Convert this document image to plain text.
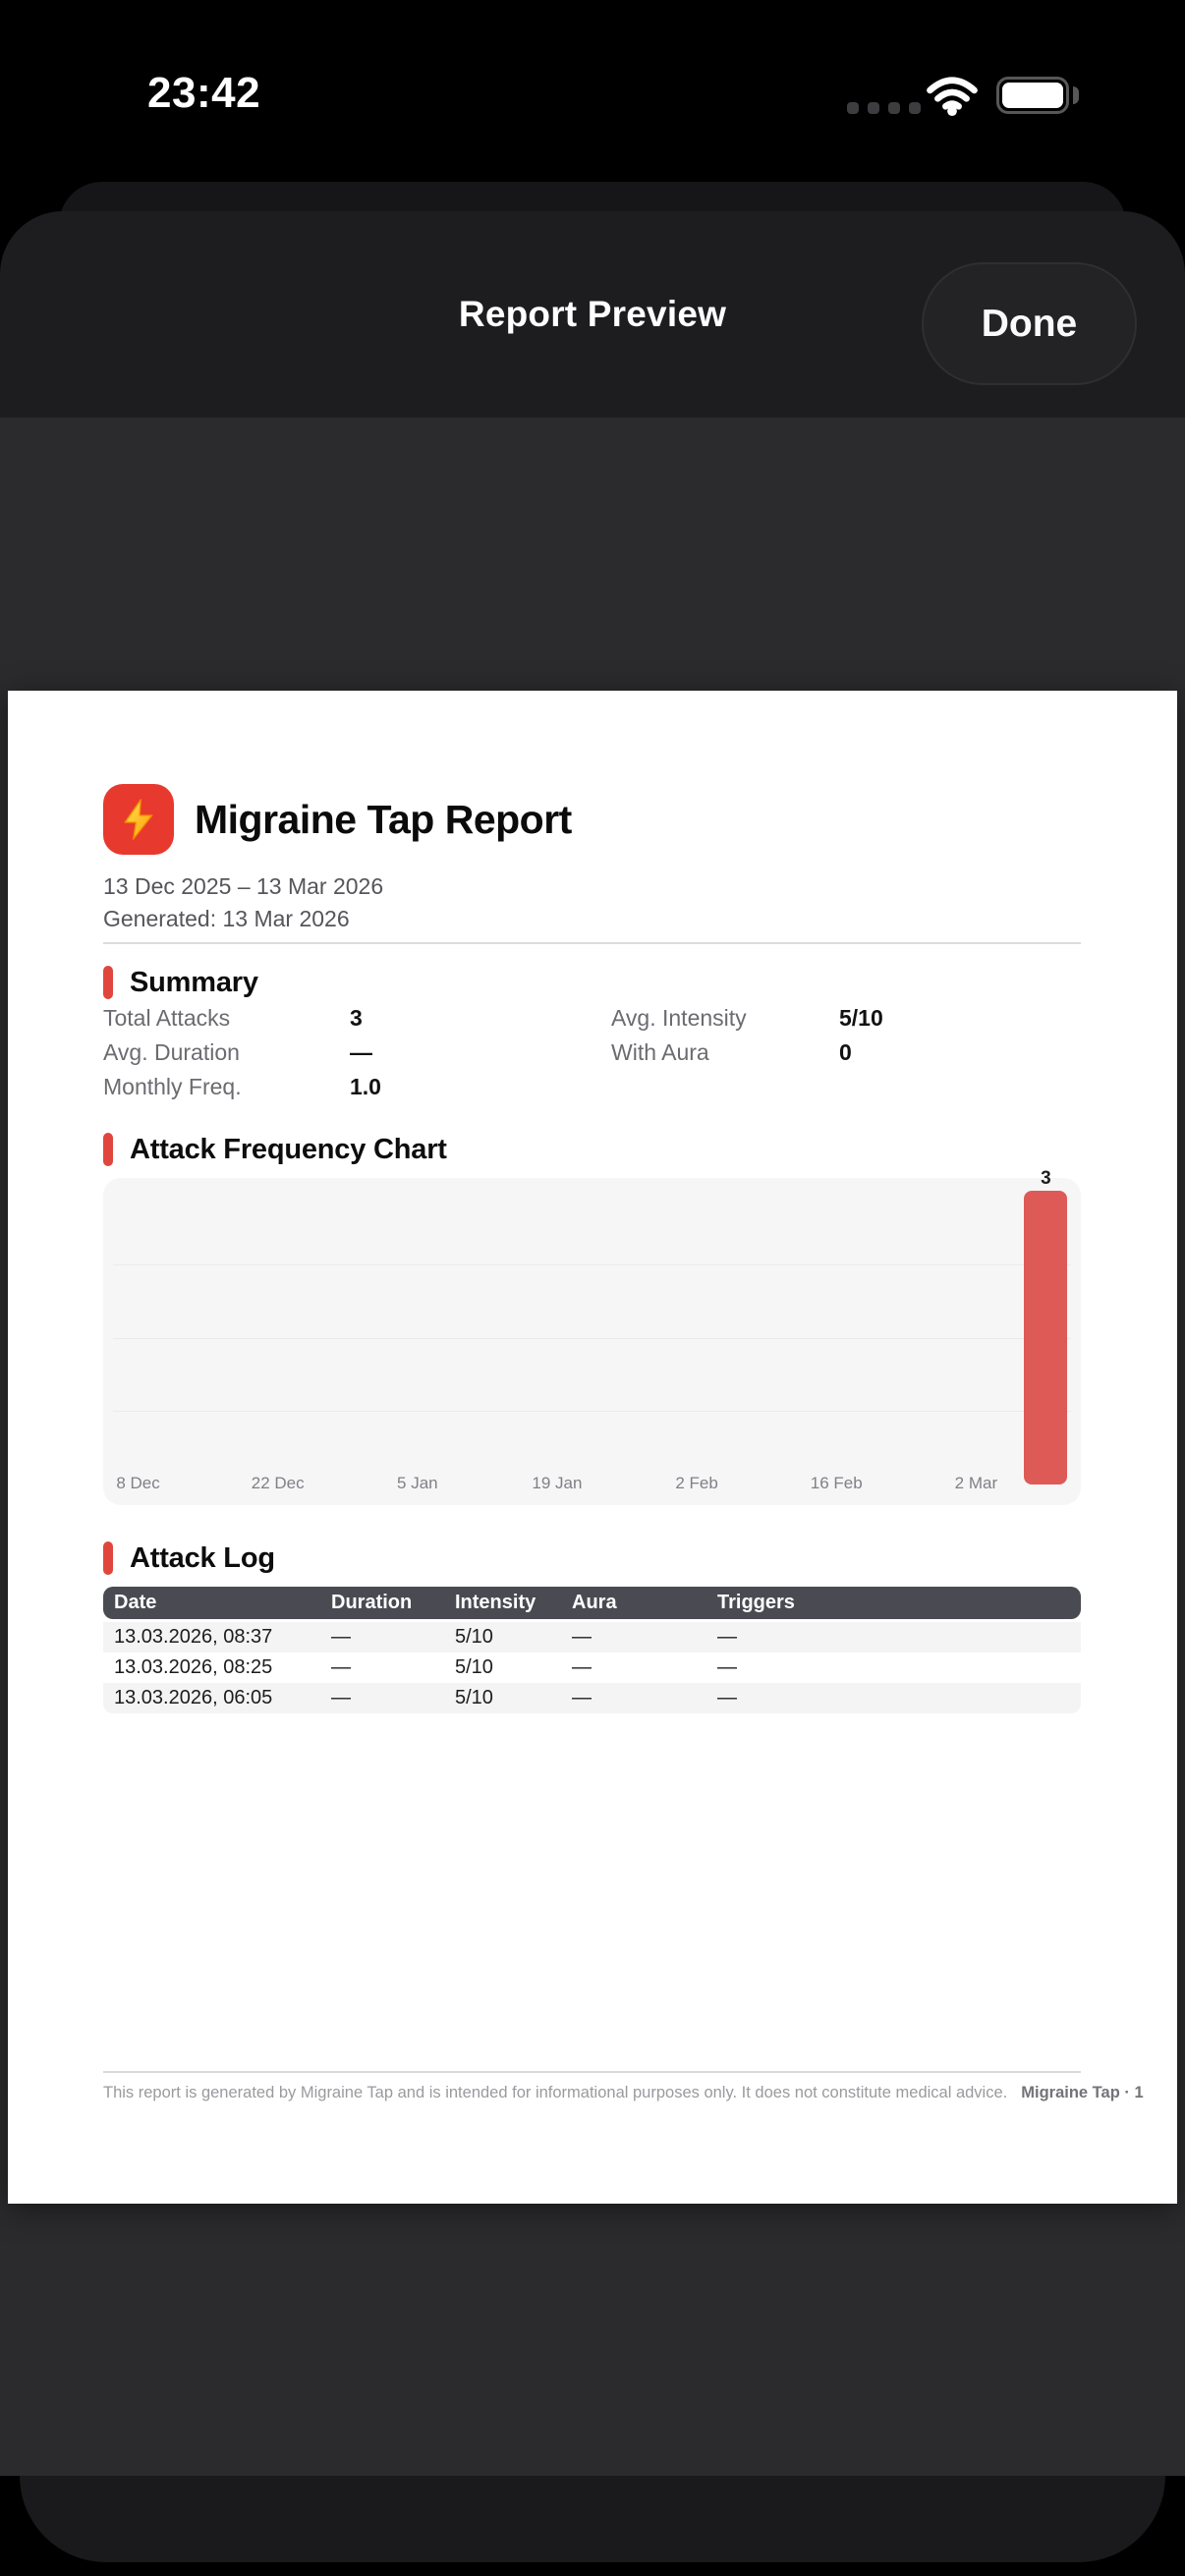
23:42
Report Preview	Done
Migraine Tap Report
13 Dec 2025 – 13 Mar 2026
Generated: 13 Mar 2026
Summary
Total Attacks	3	Avg. Intensity	5/10
Avg. Duration	—	With Aura	0
Monthly Freq.	1.0
Attack Frequency Chart
8 Dec	22 Dec	5 Jan	19 Jan	2 Feb	16 Feb	2 Mar
3
Attack Log
Date	Duration	Intensity	Aura	Triggers
13.03.2026, 08:37	—	5/10	—	—
13.03.2026, 08:25	—	5/10	—	—
13.03.2026, 06:05	—	5/10	—	—
This report is generated by Migraine Tap and is intended for informational purposes only. It does not constitute medical advice. Migraine Tap · 1
